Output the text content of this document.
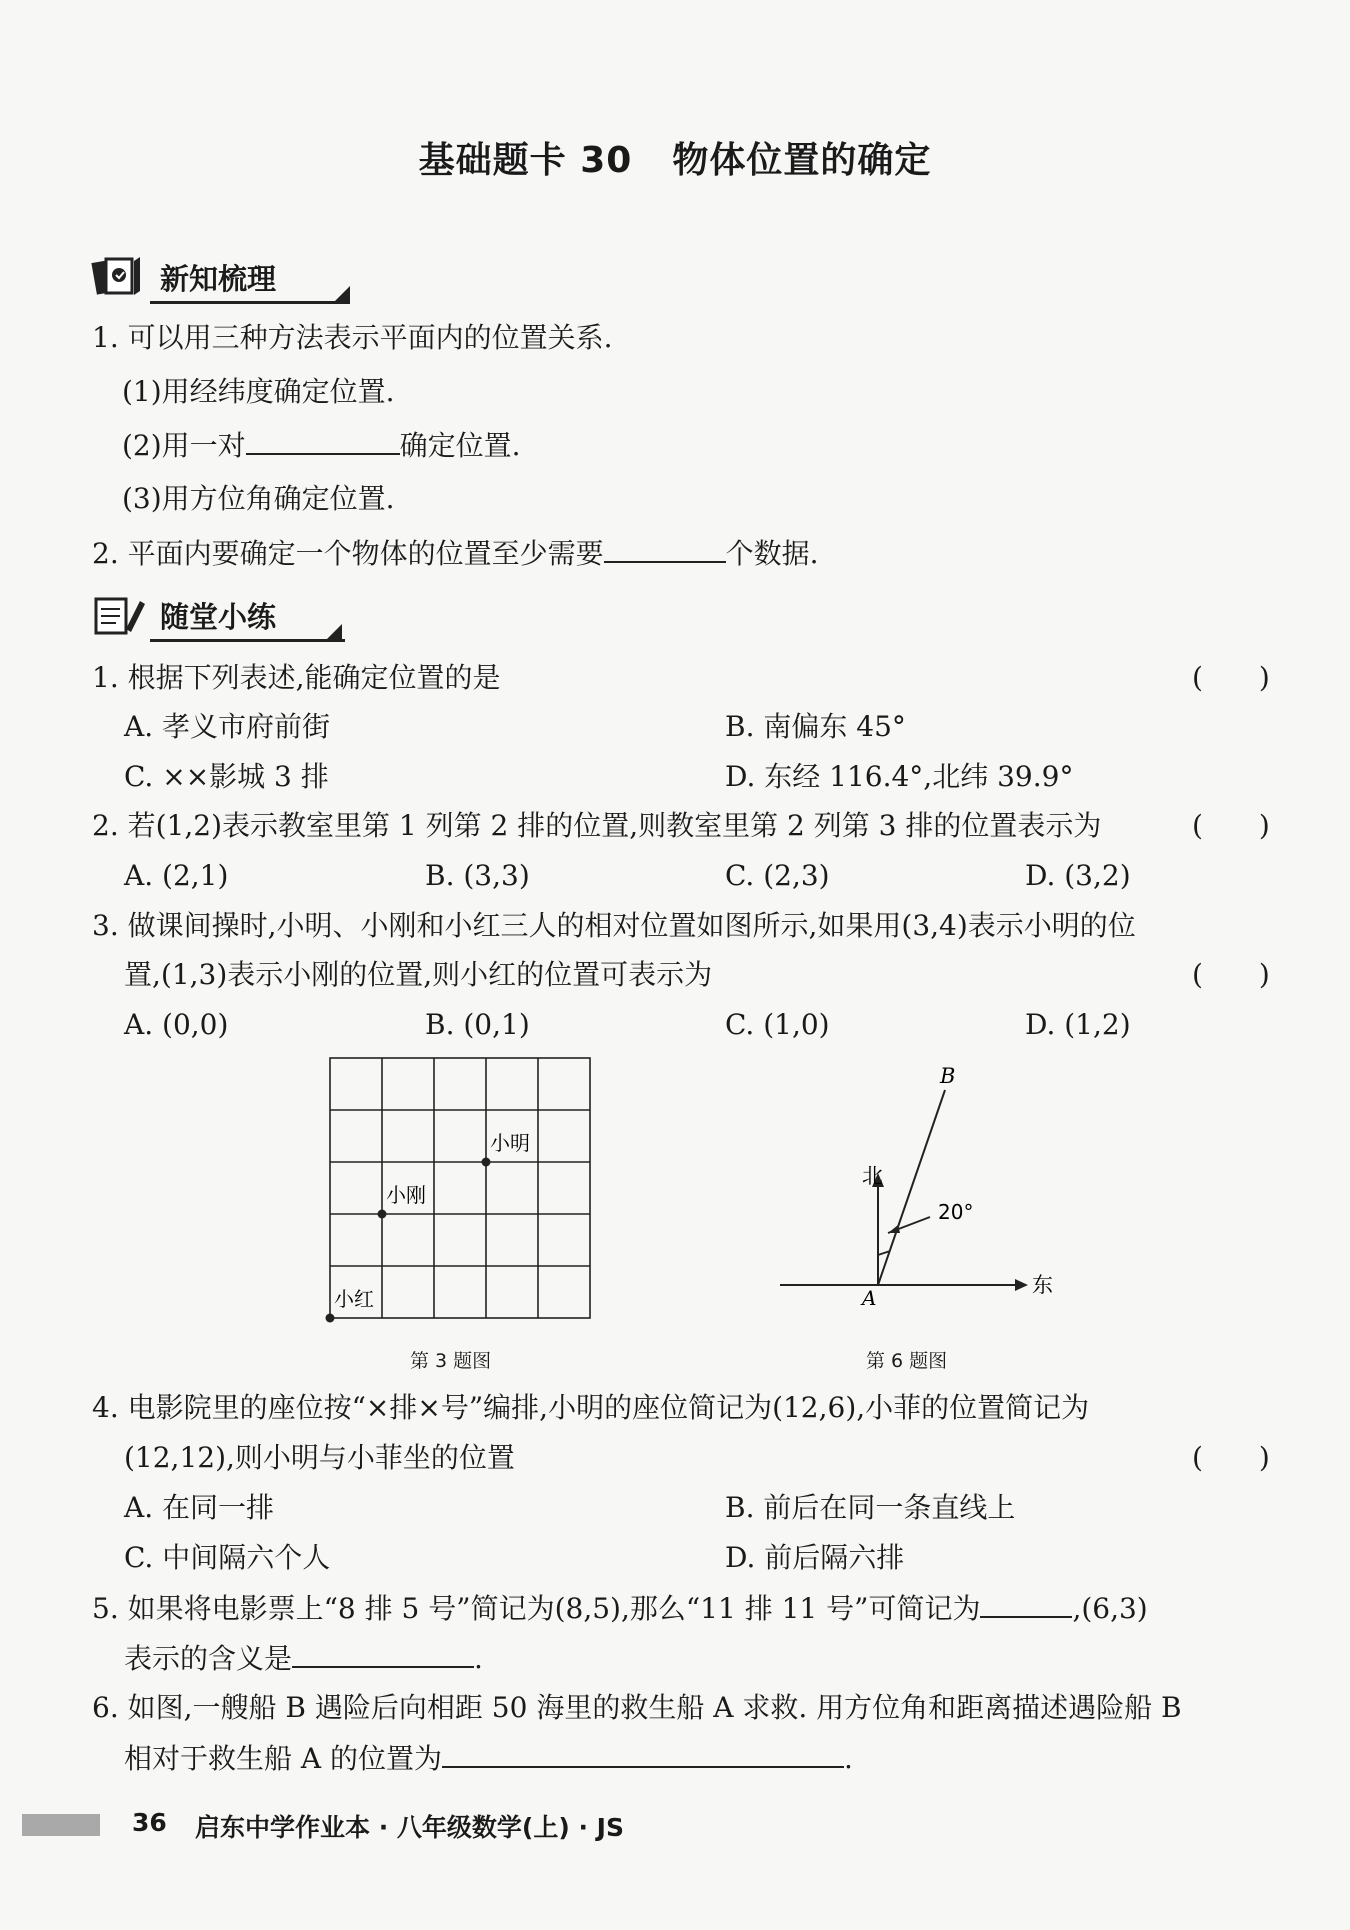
基础题卡 30 物体位置的确定
新知梳理
1. 可以用三种方法表示平面内的位置关系.
(1)用经纬度确定位置.
(2)用一对	确定位置.
(3)用方位角确定位置.
2. 平面内要确定一个物体的位置至少需要	个数据.
随堂小练
1. 根据下列表述,能确定位置的是	(　　)
A. 孝义市府前街	B. 南偏东 45°
C. ××影城 3 排	D. 东经 116.4°,北纬 39.9°
2. 若(1,2)表示教室里第 1 列第 2 排的位置,则教室里第 2 列第 3 排的位置表示为	(　　)
A. (2,1)	B. (3,3)	C. (2,3)	D. (3,2)
3. 做课间操时,小明、小刚和小红三人的相对位置如图所示,如果用(3,4)表示小明的位
置,(1,3)表示小刚的位置,则小红的位置可表示为	(　　)
A. (0,0)	B. (0,1)	C. (1,0)	D. (1,2)
小明
小刚
小红
第 3 题图
B
北
20°
东
A
第 6 题图
4. 电影院里的座位按“×排×号”编排,小明的座位简记为(12,6),小菲的位置简记为
(12,12),则小明与小菲坐的位置	(　　)
A. 在同一排	B. 前后在同一条直线上
C. 中间隔六个人	D. 前后隔六排
5. 如果将电影票上“8 排 5 号”简记为(8,5),那么“11 排 11 号”可简记为	,(6,3)
表示的含义是	.
6. 如图,一艘船 B 遇险后向相距 50 海里的救生船 A 求救. 用方位角和距离描述遇险船 B
相对于救生船 A 的位置为	.
36 启东中学作业本 · 八年级数学(上) · JS
